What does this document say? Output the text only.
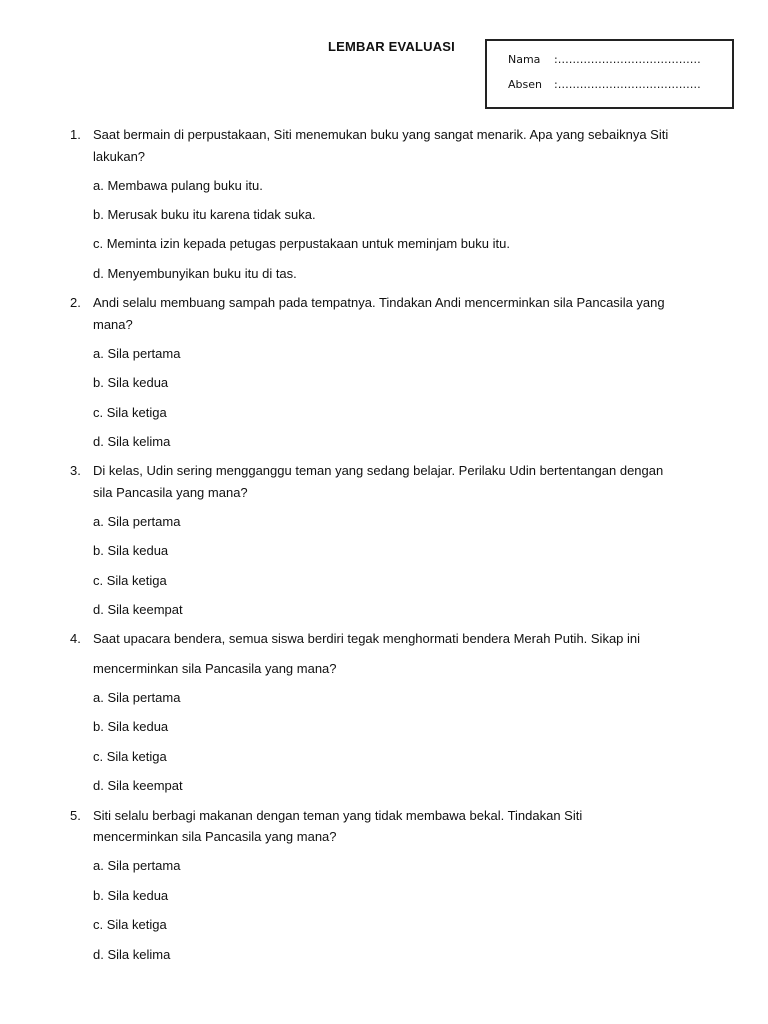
LEMBAR EVALUASI
Nama :…………………………………
Absen :…………………………………
1. Saat bermain di perpustakaan, Siti menemukan buku yang sangat menarik. Apa yang sebaiknya Siti
lakukan?
a. Membawa pulang buku itu.
b. Merusak buku itu karena tidak suka.
c. Meminta izin kepada petugas perpustakaan untuk meminjam buku itu.
d. Menyembunyikan buku itu di tas.
2. Andi selalu membuang sampah pada tempatnya. Tindakan Andi mencerminkan sila Pancasila yang
mana?
a. Sila pertama
b. Sila kedua
c. Sila ketiga
d. Sila kelima
3. Di kelas, Udin sering mengganggu teman yang sedang belajar. Perilaku Udin bertentangan dengan
sila Pancasila yang mana?
a. Sila pertama
b. Sila kedua
c. Sila ketiga
d. Sila keempat
4. Saat upacara bendera, semua siswa berdiri tegak menghormati bendera Merah Putih. Sikap ini
mencerminkan sila Pancasila yang mana?
a. Sila pertama
b. Sila kedua
c. Sila ketiga
d. Sila keempat
5. Siti selalu berbagi makanan dengan teman yang tidak membawa bekal. Tindakan Siti
mencerminkan sila Pancasila yang mana?
a. Sila pertama
b. Sila kedua
c. Sila ketiga
d. Sila kelima
